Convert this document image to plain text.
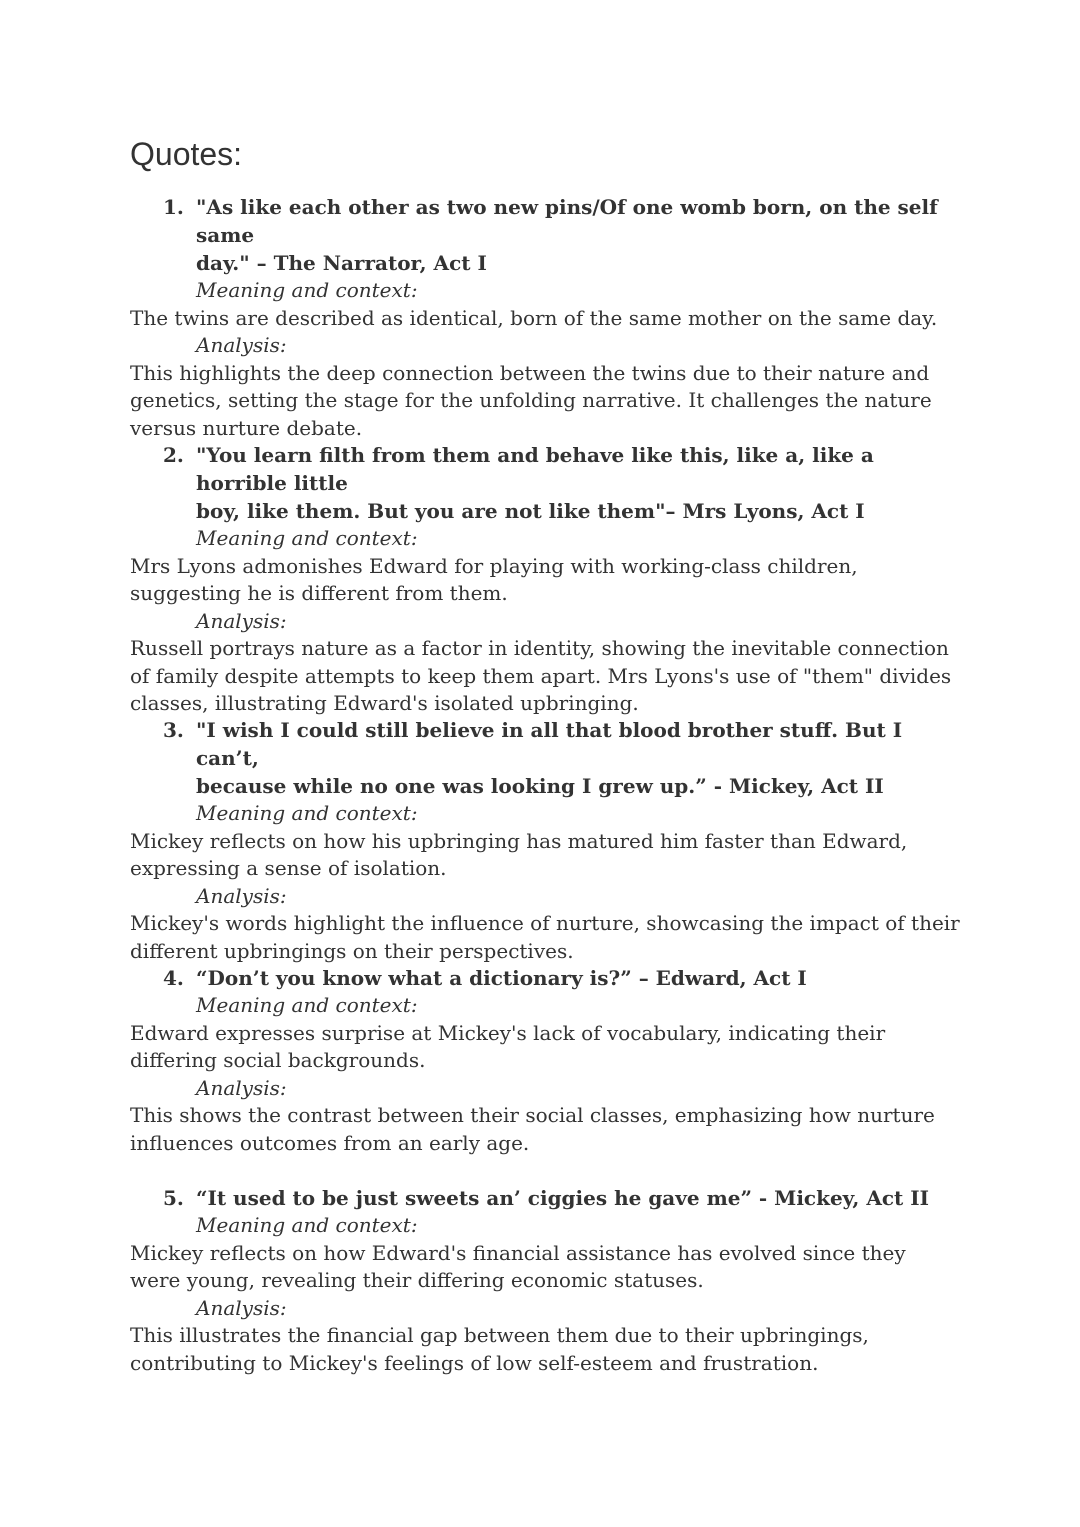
Quotes:

1. "As like each other as two new pins/Of one womb born, on the self same

day." – The Narrator, Act I

Meaning and context:

The twins are described as identical, born of the same mother on the same day.

Analysis:

This highlights the deep connection between the twins due to their nature and genetics, setting the stage for the unfolding narrative. It challenges the nature versus nurture debate.

2. "You learn filth from them and behave like this, like a, like a horrible little

boy, like them. But you are not like them"– Mrs Lyons, Act I

Meaning and context:

Mrs Lyons admonishes Edward for playing with working-class children, suggesting he is different from them.

Analysis:

Russell portrays nature as a factor in identity, showing the inevitable connection of family despite attempts to keep them apart. Mrs Lyons's use of "them" divides classes, illustrating Edward's isolated upbringing.

3. "I wish I could still believe in all that blood brother stuff. But I can’t,

because while no one was looking I grew up.” - Mickey, Act II

Meaning and context:

Mickey reflects on how his upbringing has matured him faster than Edward, expressing a sense of isolation.

Analysis:

Mickey's words highlight the influence of nurture, showcasing the impact of their different upbringings on their perspectives.

4. “Don’t you know what a dictionary is?” – Edward, Act I

Meaning and context:

Edward expresses surprise at Mickey's lack of vocabulary, indicating their differing social backgrounds.

Analysis:

This shows the contrast between their social classes, emphasizing how nurture influences outcomes from an early age.

5. “It used to be just sweets an’ ciggies he gave me” - Mickey, Act II

Meaning and context:

Mickey reflects on how Edward's financial assistance has evolved since they were young, revealing their differing economic statuses.

Analysis:

This illustrates the financial gap between them due to their upbringings, contributing to Mickey's feelings of low self-esteem and frustration.
